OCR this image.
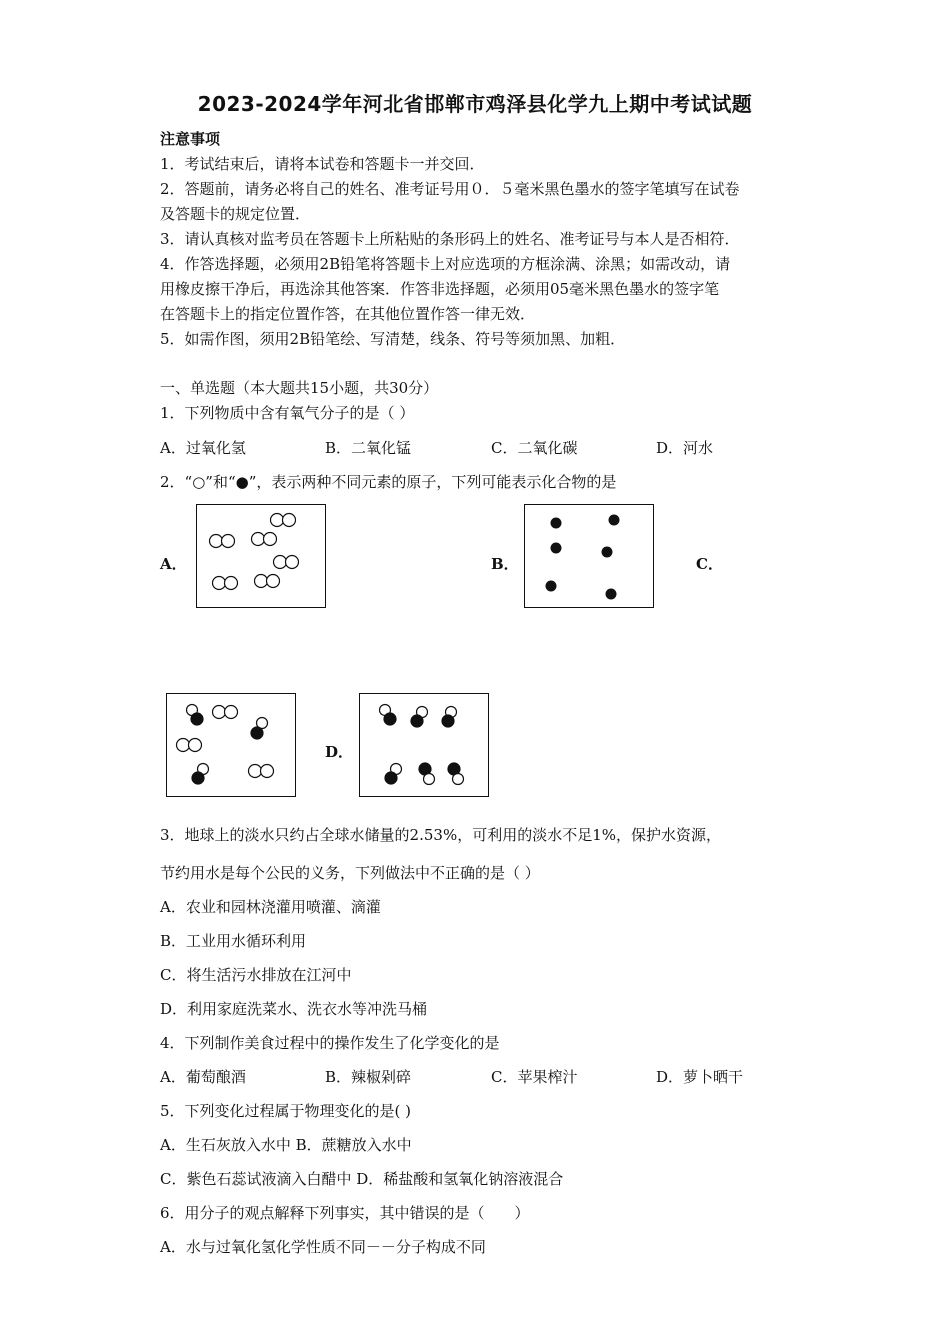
2023-2024学年河北省邯郸市鸡泽县化学九上期中考试试题
注意事项
1．考试结束后，请将本试卷和答题卡一并交回．
2．答题前，请务必将自己的姓名、准考证号用０．５毫米黑色墨水的签字笔填写在试卷
及答题卡的规定位置．
3．请认真核对监考员在答题卡上所粘贴的条形码上的姓名、准考证号与本人是否相符．
4．作答选择题，必须用2B铅笔将答题卡上对应选项的方框涂满、涂黑；如需改动，请
用橡皮擦干净后，再选涂其他答案．作答非选择题，必须用05毫米黑色墨水的签字笔
在答题卡上的指定位置作答，在其他位置作答一律无效．
5．如需作图，须用2B铅笔绘、写清楚，线条、符号等须加黑、加粗．
一、单选题（本大题共15小题，共30分）
1．下列物质中含有氧气分子的是（ ）
A．过氧化氢	B．二氧化锰	C．二氧化碳	D．河水
2．“○”和“●”，表示两种不同元素的原子，下列可能表示化合物的是
A．	B．	C．
D．
3．地球上的淡水只约占全球水储量的2.53%，可利用的淡水不足1%，保护水资源，
节约用水是每个公民的义务，下列做法中不正确的是（ ）
A．农业和园林浇灌用喷灌、滴灌
B．工业用水循环利用
C．将生活污水排放在江河中
D．利用家庭洗菜水、洗衣水等冲洗马桶
4．下列制作美食过程中的操作发生了化学变化的是
A．葡萄酿酒	B．辣椒剁碎	C．苹果榨汁	D．萝卜晒干
5．下列变化过程属于物理变化的是( )
A．生石灰放入水中 B．蔗糖放入水中
C．紫色石蕊试液滴入白醋中 D．稀盐酸和氢氧化钠溶液混合
6．用分子的观点解释下列事实，其中错误的是（　　）
A．水与过氧化氢化学性质不同－－分子构成不同
